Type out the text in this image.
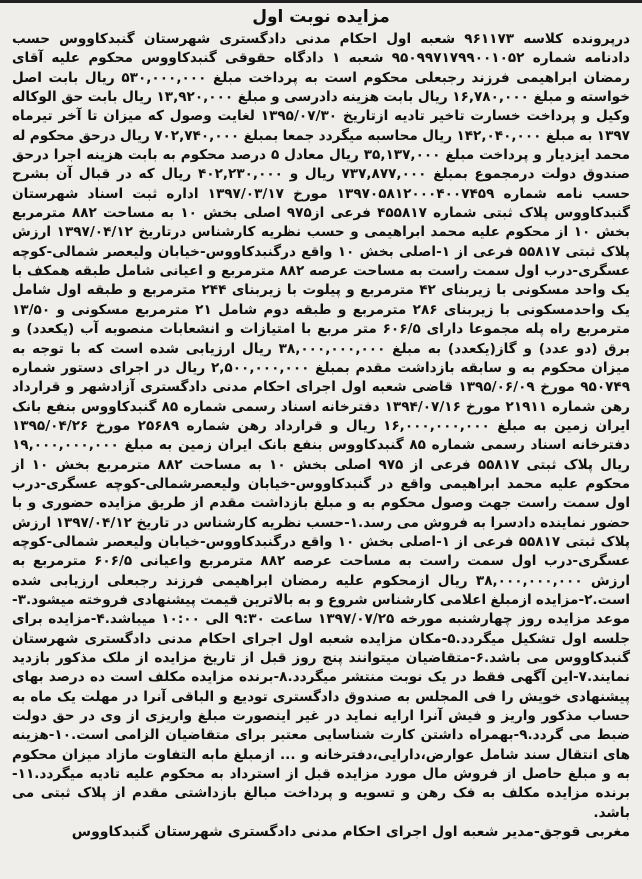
مزایده نوبت اول

درپرونده کلاسه ۹۶۱۱۷۳ شعبه اول احکام مدنی دادگستری شهرستان گنبدکاووس حسب دادنامه شماره ۹۵۰۹۹۷۱۷۹۹۰۰۱۰۵۲ شعبه ۱ دادگاه حقوقی گنبدکاووس محکوم علیه آقای رمضان ابراهیمی فرزند رجبعلی محکوم است به پرداخت مبلغ ۵۳۰,۰۰۰,۰۰۰ ریال بابت اصل خواسته و مبلغ ۱۶,۷۸۰,۰۰۰ ریال بابت هزینه دادرسی و مبلغ ۱۳,۹۲۰,۰۰۰ ریال بابت حق الوکاله وکیل و پرداخت خسارت تاخیر تادیه ازتاریخ ۱۳۹۵/۰۷/۳۰ لغایت وصول که میزان تا آخر تیرماه ۱۳۹۷ به مبلغ ۱۴۲,۰۴۰,۰۰۰ ریال محاسبه میگردد جمعا بمبلغ ۷۰۲,۷۴۰,۰۰۰ ریال درحق محکوم له محمد ایزدیار و پرداخت مبلغ ۳۵,۱۳۷,۰۰۰ ریال معادل ۵ درصد محکوم به بابت هزینه اجرا درحق صندوق دولت درمجموع بمبلغ ۷۳۷,۸۷۷,۰۰۰ ریال و ۴۰۲,۲۳۰,۰۰۰ ریال که در قبال آن بشرح حسب نامه شماره ۱۳۹۷۰۵۸۱۲۰۰۰۴۰۰۷۴۵۹ مورخ ۱۳۹۷/۰۳/۱۷ اداره ثبت اسناد شهرستان گنبدکاووس پلاک ثبتی شماره ۴۵۵۸۱۷ فرعی از۹۷۵ اصلی بخش ۱۰ به مساحت ۸۸۲ مترمربع بخش ۱۰ از محکوم علیه محمد ابراهیمی و حسب نظریه کارشناس درتاریخ ۱۳۹۷/۰۴/۱۲ ارزش پلاک ثبتی ۵۵۸۱۷ فرعی از ۱-اصلی بخش ۱۰ واقع درگنبدکاووس-خیابان ولیعصر شمالی-کوچه عسگری-درب اول سمت راست به مساحت عرصه ۸۸۲ مترمربع و اعیانی شامل طبقه همکف با یک واحد مسکونی با زیربنای ۴۲ مترمربع و پیلوت با زیربنای ۲۴۴ مترمربع و طبقه اول شامل یک واحدمسکونی با زیربنای ۲۸۶ مترمربع و طبقه دوم شامل ۲۱ مترمربع مسکونی و ۱۳/۵۰ مترمربع راه پله مجموعا دارای ۶۰۶/۵ متر مربع با امتیازات و انشعابات منصوبه آب (یکعدد) و برق (دو عدد) و گاز(یکعدد) به مبلغ ۳۸,۰۰۰,۰۰۰,۰۰۰ ریال ارزیابی شده است که با توجه به میزان محکوم به و سابقه بازداشت مقدم بمبلغ ۲,۵۰۰,۰۰۰,۰۰۰ ریال در اجرای دستور شماره ۹۵۰۷۴۹ مورخ ۱۳۹۵/۰۶/۰۹ قاضی شعبه اول اجرای احکام مدنی دادگستری آزادشهر و قرارداد رهن شماره ۲۱۹۱۱ مورخ ۱۳۹۴/۰۷/۱۶ دفترخانه اسناد رسمی شماره ۸۵ گنبدکاووس بنفع بانک ایران زمین به مبلغ ۱۶,۰۰۰,۰۰۰,۰۰۰ ریال و قرارداد رهن شماره ۲۵۶۸۹ مورخ ۱۳۹۵/۰۴/۲۶ دفترخانه اسناد رسمی شماره ۸۵ گنبدکاووس بنفع بانک ایران زمین به مبلغ ۱۹,۰۰۰,۰۰۰,۰۰۰ ریال پلاک ثبتی ۵۵۸۱۷ فرعی از ۹۷۵ اصلی بخش ۱۰ به مساحت ۸۸۲ مترمربع بخش ۱۰ از محکوم علیه محمد ابراهیمی واقع در گنبدکاووس-خیابان ولیعصرشمالی-کوچه عسگری-درب اول سمت راست جهت وصول محکوم به و مبلغ بازداشت مقدم از طریق مزایده حضوری و با حضور نماینده دادسرا به فروش می رسد.۱-حسب نظریه کارشناس در تاریخ ۱۳۹۷/۰۴/۱۲ ارزش پلاک ثبتی ۵۵۸۱۷ فرعی از ۱-اصلی بخش ۱۰ واقع درگنبدکاووس-خیابان ولیعصر شمالی-کوچه عسگری-درب اول سمت راست به مساحت عرصه ۸۸۲ مترمربع واعیانی ۶۰۶/۵ مترمربع به ارزش ۳۸,۰۰۰,۰۰۰,۰۰۰ ریال ازمحکوم علیه رمضان ابراهیمی فرزند رجبعلی ارزیابی شده است.۲-مزایده ازمبلغ اعلامی کارشناس شروع و به بالاترین قیمت پیشنهادی فروخته میشود.۳-موعد مزایده روز چهارشنبه مورخه ۱۳۹۷/۰۷/۲۵ ساعت ۹:۳۰ الی ۱۰:۰۰ میباشد.۴-مزایده برای جلسه اول تشکیل میگردد.۵-مکان مزایده شعبه اول اجرای احکام مدنی دادگستری شهرستان گنبدکاووس می باشد.۶-متقاضیان میتوانند پنج روز قبل از تاریخ مزایده از ملک مذکور بازدید نمایند.۷-این آگهی فقط در یک نوبت منتشر میگردد.۸-برنده مزایده مکلف است ده درصد بهای پیشنهادی خویش را فی المجلس به صندوق دادگستری تودیع و الباقی آنرا در مهلت یک ماه به حساب مذکور واریز و فیش آنرا ارایه نماید در غیر اینصورت مبلغ واریزی از وی در حق دولت ضبط می گردد.۹-بهمراه داشتن کارت شناسایی معتبر برای متقاضیان الزامی است.۱۰-هزینه های انتقال سند شامل عوارض،دارایی،دفترخانه و ... ازمبلغ مابه التفاوت مازاد میزان محکوم به و مبلغ حاصل از فروش مال مورد مزایده قبل از استرداد به محکوم علیه تادیه میگردد.۱۱-برنده مزایده مکلف به فک رهن و تسویه و پرداخت مبالغ بازداشتی مقدم از پلاک ثبتی می باشد.

مغربی قوجق-مدیر شعبه اول اجرای احکام مدنی دادگستری شهرستان گنبدکاووس
